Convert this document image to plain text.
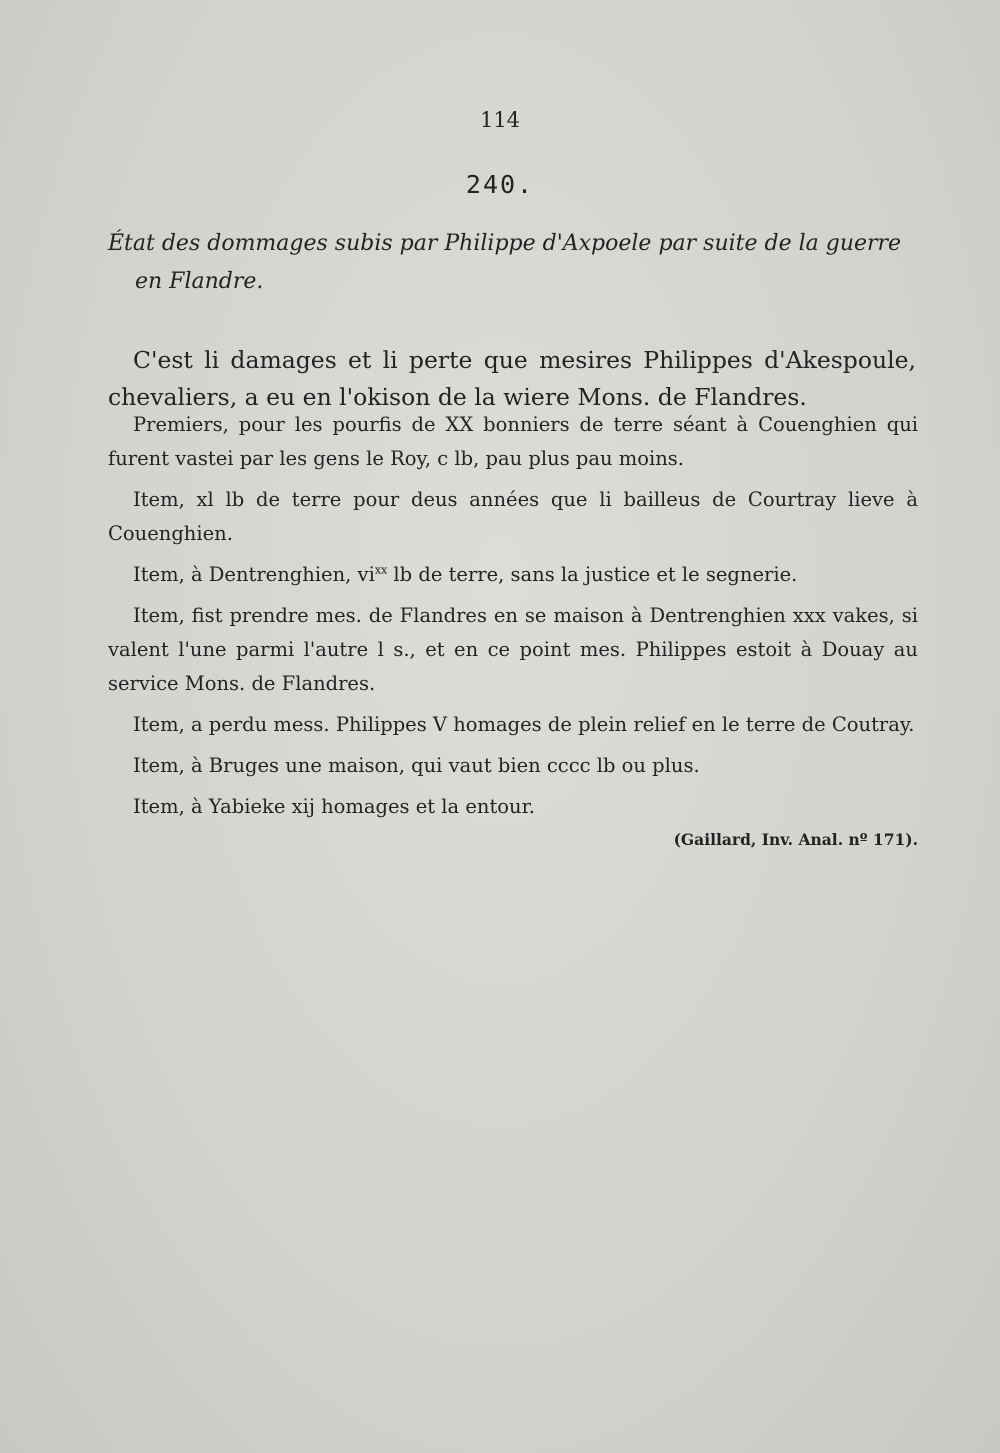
114
240.
État des dommages subis par Philippe d'Axpoele par suite de la guerre
en Flandre.

C'est li damages et li perte que mesires Philippes d'Akespoule, chevaliers, a eu en l'okison de la wiere Mons. de Flandres.

Premiers, pour les pourfis de XX bonniers de terre séant à Couenghien qui furent vastei par les gens le Roy, c lb, pau plus pau moins.

Item, xl lb de terre pour deus années que li bailleus de Courtray lieve à Couenghien.

Item, à Dentrenghien, $vi^{xx}$ lb de terre, sans la justice et le segnerie.

Item, fist prendre mes. de Flandres en se maison à Dentrenghien xxx vakes, si valent l'une parmi l'autre l s., et en ce point mes. Philippes estoit à Douay au service Mons. de Flandres.

Item, a perdu mess. Philippes V homages de plein relief en le terre de Coutray.

Item, à Bruges une maison, qui vaut bien cccc lb ou plus.

Item, à Yabieke xij homages et la entour.

(Gaillard, Inv. Anal. nº 171).
